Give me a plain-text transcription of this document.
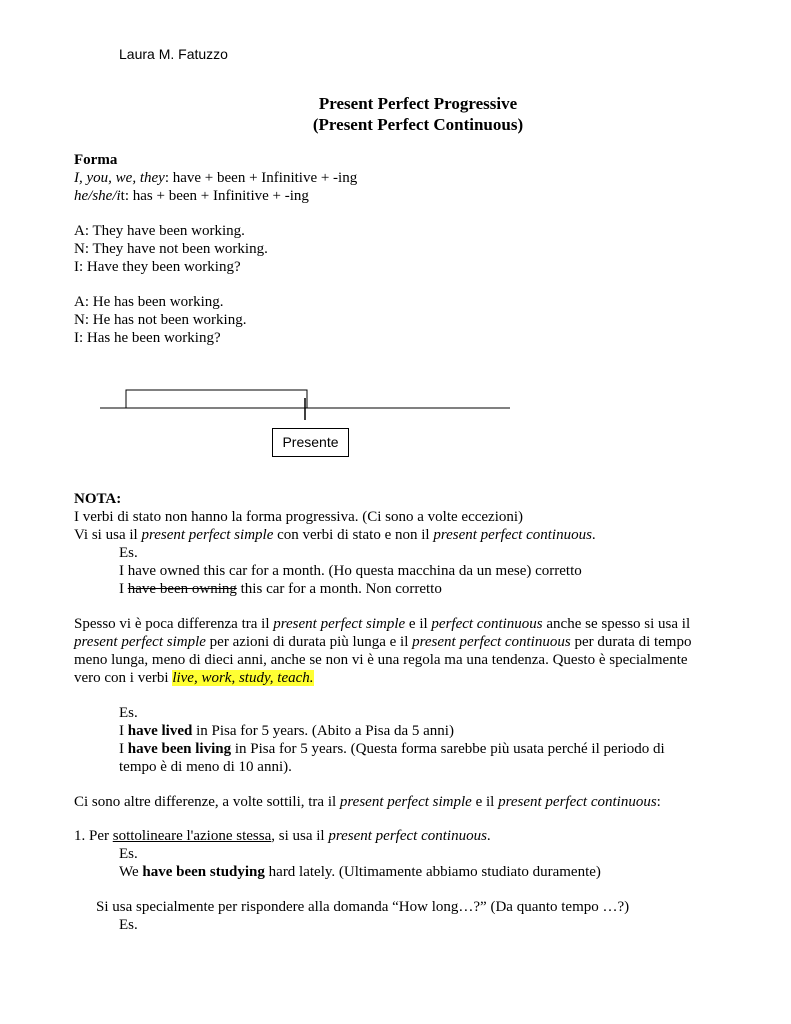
Laura M. Fatuzzo
Present Perfect Progressive
(Present Perfect Continuous)
Forma
I, you, we, they: have + been + Infinitive + -ing
he/she/it: has + been + Infinitive + -ing
A: They have been working.
N: They have not been working.
I: Have they been working?
A: He has been working.
N: He has not been working.
I: Has he been working?
Presente
NOTA:
I verbi di stato non hanno la forma progressiva. (Ci sono a volte eccezioni)
Vi si usa il present perfect simple con verbi di stato e non il present perfect continuous.
Es.
I have owned this car for a month. (Ho questa macchina da un mese) corretto
I have been owning this car for a month. Non corretto
Spesso vi è poca differenza tra il present perfect simple e il perfect continuous anche se spesso si usa il
present perfect simple per azioni di durata più lunga e il present perfect continuous per durata di tempo
meno lunga, meno di dieci anni, anche se non vi è una regola ma una tendenza. Questo è specialmente
vero con i verbi live, work, study, teach.
Es.
I have lived in Pisa for 5 years. (Abito a Pisa da 5 anni)
I have been living in Pisa for 5 years. (Questa forma sarebbe più usata perché il periodo di
tempo è di meno di 10 anni).
Ci sono altre differenze, a volte sottili, tra il present perfect simple e il present perfect continuous:
1. Per sottolineare l'azione stessa, si usa il present perfect continuous.
Es.
We have been studying hard lately. (Ultimamente abbiamo studiato duramente)
Si usa specialmente per rispondere alla domanda “How long…?” (Da quanto tempo …?)
Es.
